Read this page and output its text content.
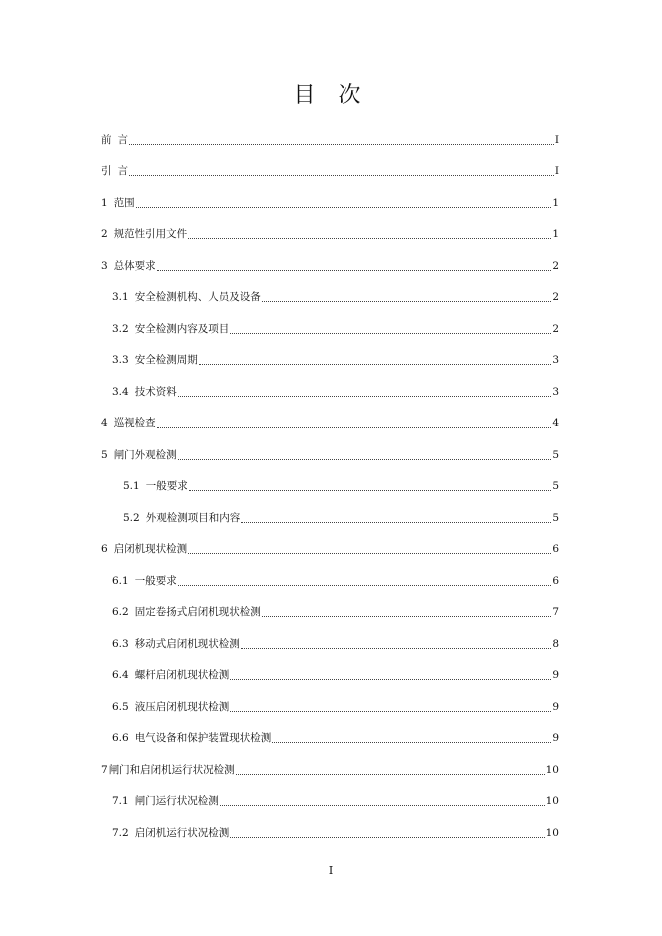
目 次
前 言	I
引 言	I
1 范围	1
2 规范性引用文件	1
3 总体要求	2
3.1 安全检测机构、人员及设备	2
3.2 安全检测内容及项目	2
3.3 安全检测周期	3
3.4 技术资料	3
4 巡视检查	4
5 闸门外观检测	5
5.1 一般要求	5
5.2 外观检测项目和内容	5
6 启闭机现状检测	6
6.1 一般要求	6
6.2 固定卷扬式启闭机现状检测	7
6.3 移动式启闭机现状检测	8
6.4 螺杆启闭机现状检测	9
6.5 液压启闭机现状检测	9
6.6 电气设备和保护装置现状检测	9
7 闸门和启闭机运行状况检测	10
7.1 闸门运行状况检测	10
7.2 启闭机运行状况检测	10
I
